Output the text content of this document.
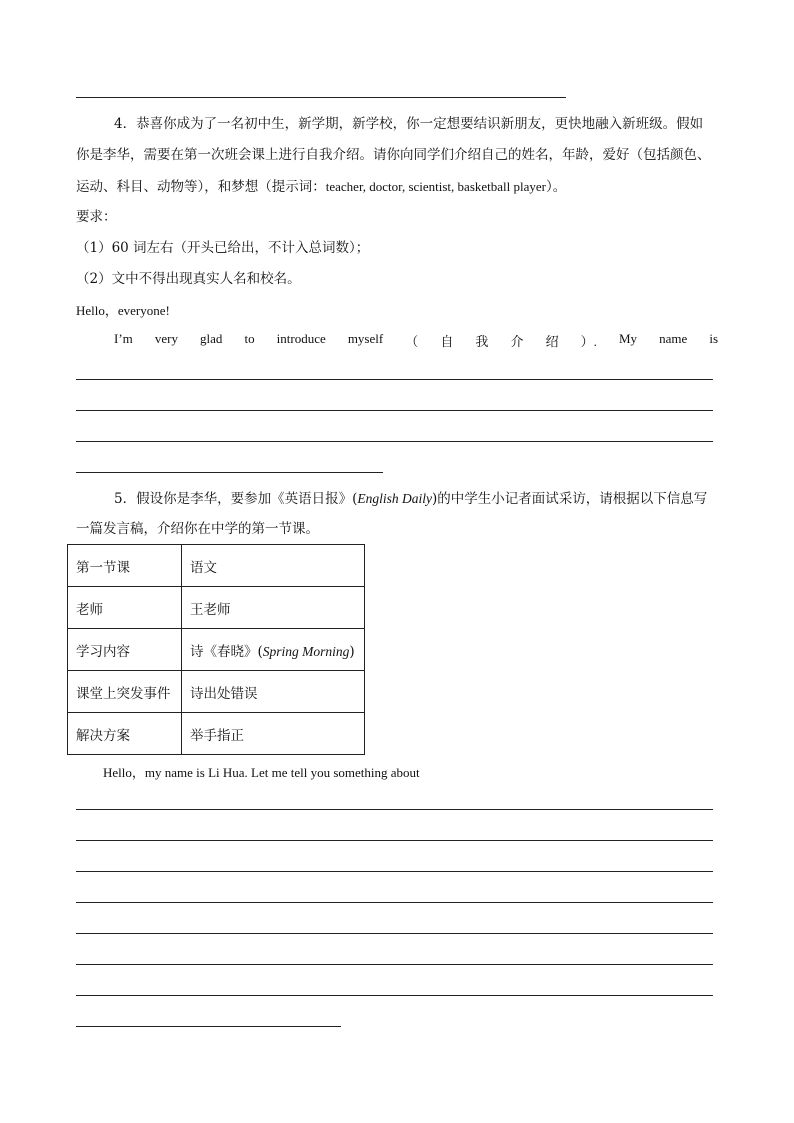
4．恭喜你成为了一名初中生，新学期，新学校，你一定想要结识新朋友，更快地融入新班级。假如
你是李华，需要在第一次班会课上进行自我介绍。请你向同学们介绍自己的姓名，年龄，爱好（包括颜色、
运动、科目、动物等），和梦想（提示词：teacher, doctor, scientist, basketball player）。
要求：
（1）60 词左右（开头已给出，不计入总词数）；
（2）文中不得出现真实人名和校名。
Hello，everyone!
I’m very glad to introduce myself （ 自 我 介 绍 ）. My name is
5．假设你是李华，要参加《英语日报》(English Daily)的中学生小记者面试采访，请根据以下信息写
一篇发言稿，介绍你在中学的第一节课。
第一节课	语文
老师	王老师
学习内容	诗《春晓》(Spring Morning)
课堂上突发事件	诗出处错误
解决方案	举手指正
Hello，my name is Li Hua. Let me tell you something about
